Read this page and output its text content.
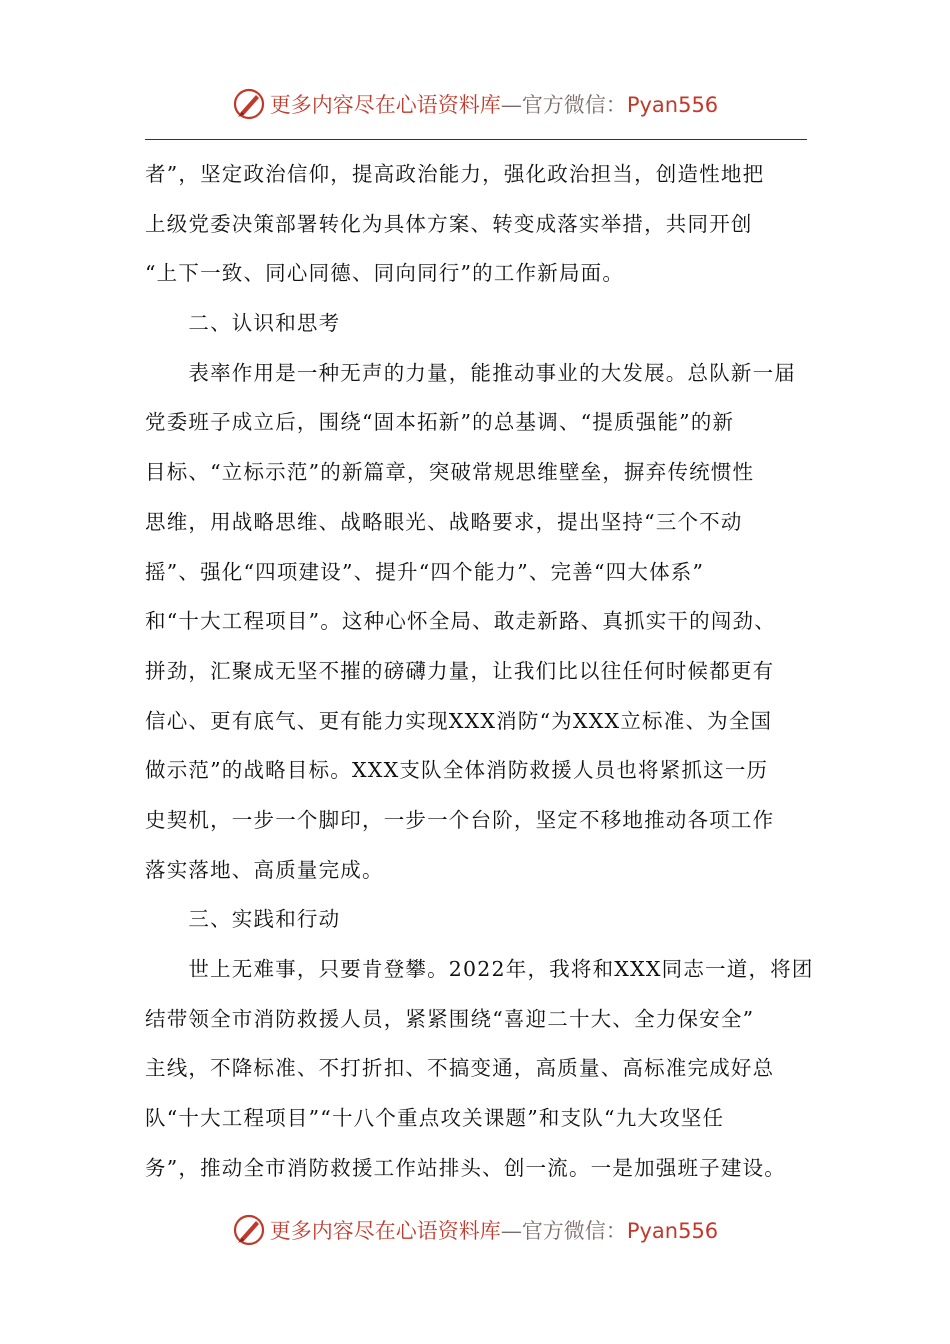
更多内容尽在心语资料库—官方微信：Pyan556
者”，坚定政治信仰，提高政治能力，强化政治担当，创造性地把
上级党委决策部署转化为具体方案、转变成落实举措，共同开创
“上下一致、同心同德、同向同行”的工作新局面。
　　二、认识和思考
　　表率作用是一种无声的力量，能推动事业的大发展。总队新一届
党委班子成立后，围绕“固本拓新”的总基调、“提质强能”的新
目标、“立标示范”的新篇章，突破常规思维壁垒，摒弃传统惯性
思维，用战略思维、战略眼光、战略要求，提出坚持“三个不动
摇”、强化“四项建设”、提升“四个能力”、完善“四大体系”
和“十大工程项目”。这种心怀全局、敢走新路、真抓实干的闯劲、
拼劲，汇聚成无坚不摧的磅礴力量，让我们比以往任何时候都更有
信心、更有底气、更有能力实现XXX消防“为XXX立标准、为全国
做示范”的战略目标。XXX支队全体消防救援人员也将紧抓这一历
史契机，一步一个脚印，一步一个台阶，坚定不移地推动各项工作
落实落地、高质量完成。
　　三、实践和行动
　　世上无难事，只要肯登攀。2022年，我将和XXX同志一道，将团
结带领全市消防救援人员，紧紧围绕“喜迎二十大、全力保安全”
主线，不降标准、不打折扣、不搞变通，高质量、高标准完成好总
队“十大工程项目”“十八个重点攻关课题”和支队“九大攻坚任
务”，推动全市消防救援工作站排头、创一流。一是加强班子建设。
更多内容尽在心语资料库—官方微信：Pyan556
